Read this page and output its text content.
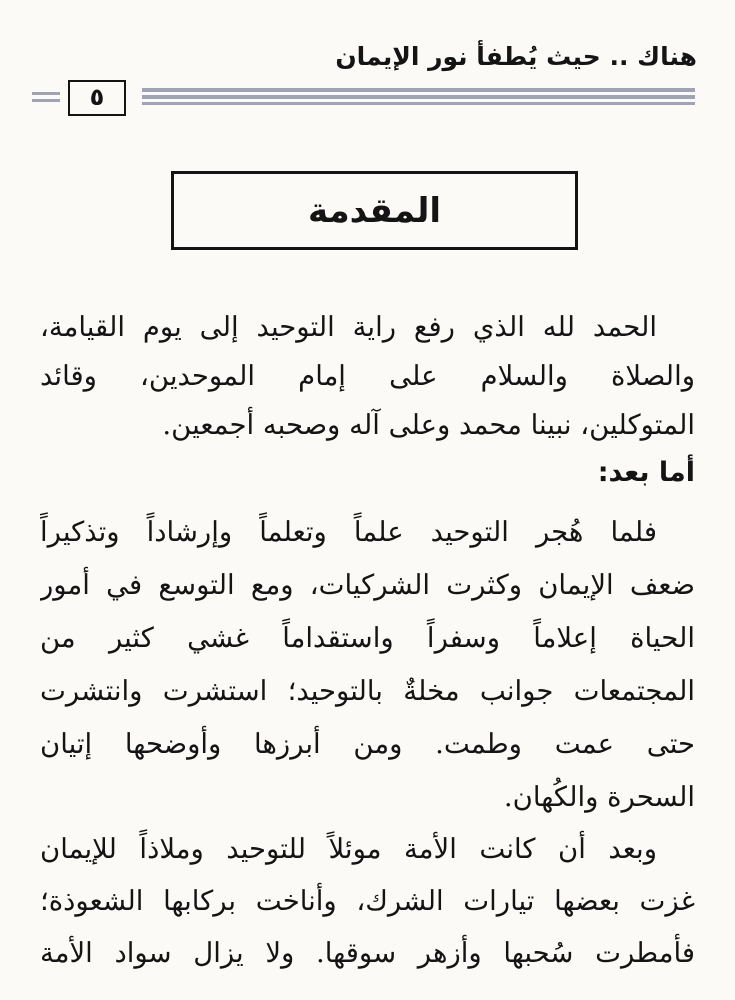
هناك .. حيث يُطفأ نور الإيمان
٥
المقدمة
الحمد لله الذي رفع راية التوحيد إلى يوم القيامة،
والصلاة والسلام على إمام الموحدين، وقائد
المتوكلين، نبينا محمد وعلى آله وصحبه أجمعين.
أما بعد:
فلما هُجر التوحيد علماً وتعلماً وإرشاداً وتذكيراً
ضعف الإيمان وكثرت الشركيات، ومع التوسع في أمور
الحياة إعلاماً وسفراً واستقداماً غشي كثير من
المجتمعات جوانب مخلةٌ بالتوحيد؛ استشرت وانتشرت
حتى عمت وطمت. ومن أبرزها وأوضحها إتيان
السحرة والكُهان.
وبعد أن كانت الأمة موئلاً للتوحيد وملاذاً للإيمان
غزت بعضها تيارات الشرك، وأناخت بركابها الشعوذة؛
فأمطرت سُحبها وأزهر سوقها. ولا يزال سواد الأمة
